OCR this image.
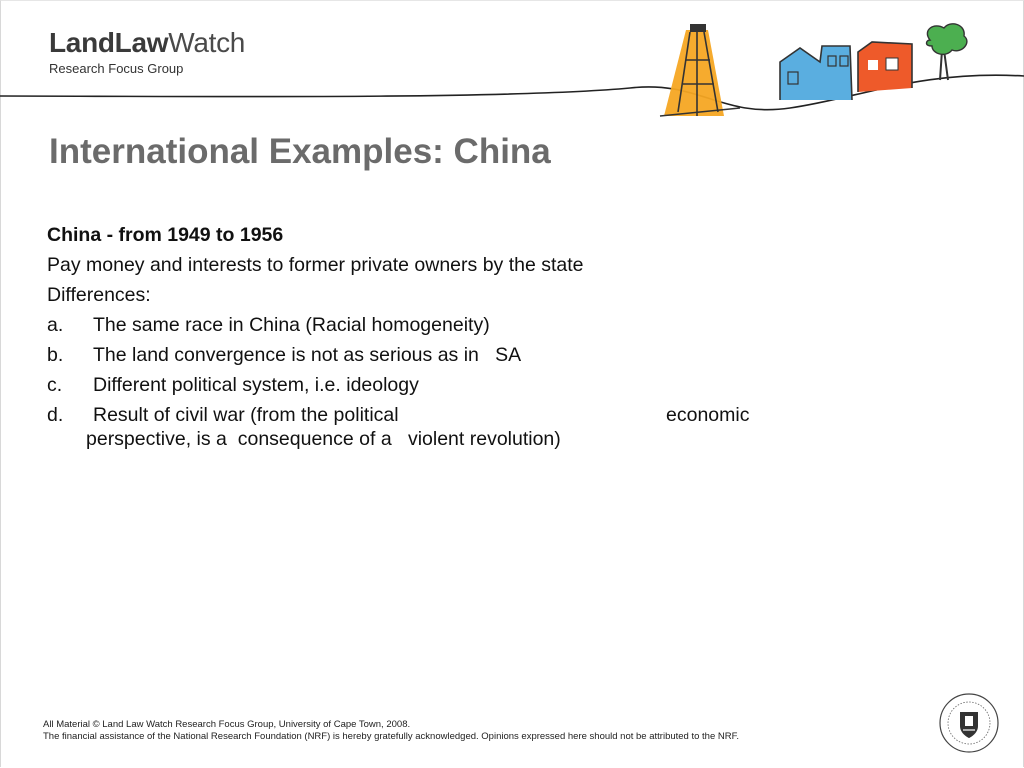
LandLawWatch
Research Focus Group
International Examples: China
China - from 1949 to 1956
Pay money and interests to former private owners by the state
Differences:
a.	The same race in China (Racial homogeneity)
b.	The land convergence is not as serious as in   SA
c.	Different political system, i.e. ideology
d.	Result of civil war (from the political	economic
perspective, is a  consequence of a   violent revolution)
All Material © Land Law Watch Research Focus Group, University of Cape Town, 2008.
The financial assistance of the National Research Foundation (NRF) is hereby gratefully acknowledged. Opinions expressed here should not be attributed to the NRF.
